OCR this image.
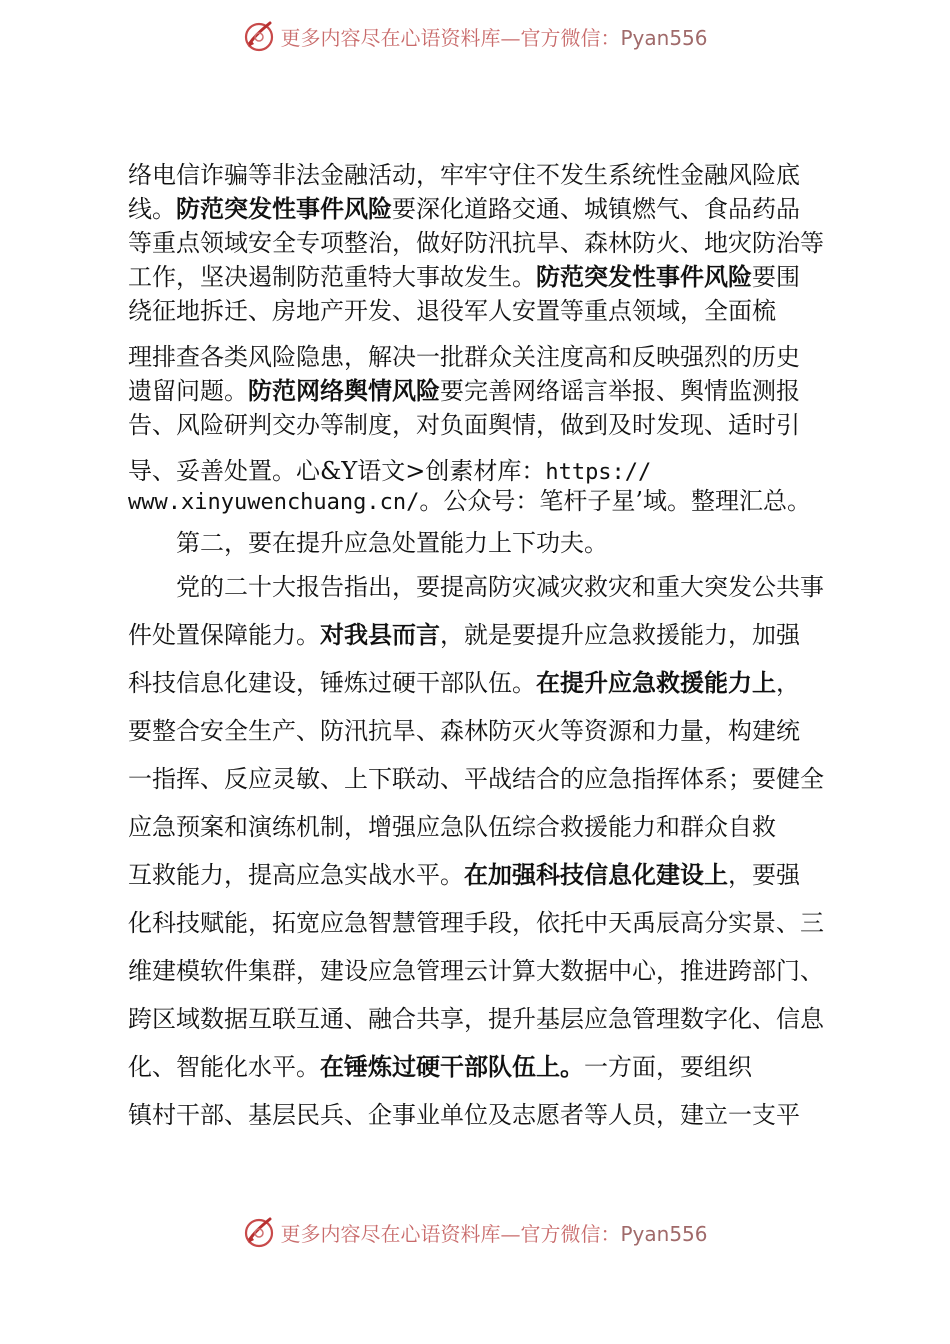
更多内容尽在心语资料库—官方微信：Pyan556
络电信诈骗等非法金融活动，牢牢守住不发生系统性金融风险底
线。防范突发性事件风险要深化道路交通、城镇燃气、食品药品
等重点领域安全专项整治，做好防汛抗旱、森林防火、地灾防治等
工作，坚决遏制防范重特大事故发生。防范突发性事件风险要围
绕征地拆迁、房地产开发、退役军人安置等重点领域，全面梳
理排查各类风险隐患，解决一批群众关注度高和反映强烈的历史
遗留问题。防范网络舆情风险要完善网络谣言举报、舆情监测报
告、风险研判交办等制度，对负面舆情，做到及时发现、适时引
导、妥善处置。心&Y语文>创素材库：https://
www.xinyuwenchuang.cn/。公众号：笔杆子星’域。整理汇总。
第二，要在提升应急处置能力上下功夫。
党的二十大报告指出，要提高防灾减灾救灾和重大突发公共事
件处置保障能力。对我县而言，就是要提升应急救援能力，加强
科技信息化建设，锤炼过硬干部队伍。在提升应急救援能力上，
要整合安全生产、防汛抗旱、森林防灭火等资源和力量，构建统
一指挥、反应灵敏、上下联动、平战结合的应急指挥体系；要健全
应急预案和演练机制，增强应急队伍综合救援能力和群众自救
互救能力，提高应急实战水平。在加强科技信息化建设上，要强
化科技赋能，拓宽应急智慧管理手段，依托中天禹辰高分实景、三
维建模软件集群，建设应急管理云计算大数据中心，推进跨部门、
跨区域数据互联互通、融合共享，提升基层应急管理数字化、信息
化、智能化水平。在锤炼过硬干部队伍上。一方面，要组织
镇村干部、基层民兵、企事业单位及志愿者等人员，建立一支平
更多内容尽在心语资料库—官方微信：Pyan556
